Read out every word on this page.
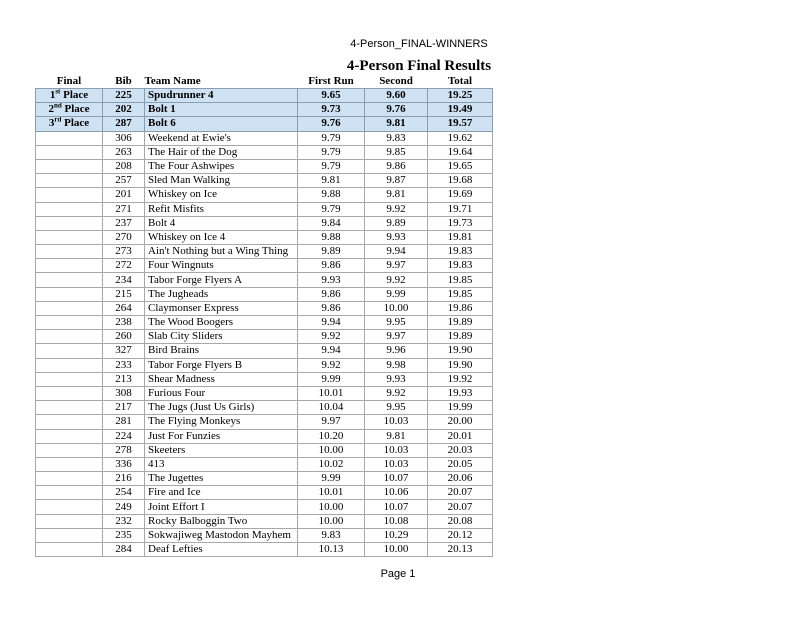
4-Person_FINAL-WINNERS
4-Person Final Results
Final	Bib	Team Name	First Run	Second	Total
1st Place	225	Spudrunner 4	9.65	9.60	19.25
2nd Place	202	Bolt 1	9.73	9.76	19.49
3rd Place	287	Bolt 6	9.76	9.81	19.57
	306	Weekend at Ewie's	9.79	9.83	19.62
	263	The Hair of the Dog	9.79	9.85	19.64
	208	The Four Ashwipes	9.79	9.86	19.65
	257	Sled Man Walking	9.81	9.87	19.68
	201	Whiskey on Ice	9.88	9.81	19.69
	271	Refit Misfits	9.79	9.92	19.71
	237	Bolt 4	9.84	9.89	19.73
	270	Whiskey on Ice 4	9.88	9.93	19.81
	273	Ain't Nothing but a Wing Thing	9.89	9.94	19.83
	272	Four Wingnuts	9.86	9.97	19.83
	234	Tabor Forge Flyers A	9.93	9.92	19.85
	215	The Jugheads	9.86	9.99	19.85
	264	Claymonser Express	9.86	10.00	19.86
	238	The Wood Boogers	9.94	9.95	19.89
	260	Slab City Sliders	9.92	9.97	19.89
	327	Bird Brains	9.94	9.96	19.90
	233	Tabor Forge Flyers B	9.92	9.98	19.90
	213	Shear Madness	9.99	9.93	19.92
	308	Furious Four	10.01	9.92	19.93
	217	The Jugs (Just Us Girls)	10.04	9.95	19.99
	281	The Flying Monkeys	9.97	10.03	20.00
	224	Just For Funzies	10.20	9.81	20.01
	278	Skeeters	10.00	10.03	20.03
	336	413	10.02	10.03	20.05
	216	The Jugettes	9.99	10.07	20.06
	254	Fire and Ice	10.01	10.06	20.07
	249	Joint Effort I	10.00	10.07	20.07
	232	Rocky Balboggin Two	10.00	10.08	20.08
	235	Sokwajiweg Mastodon Mayhem	9.83	10.29	20.12
	284	Deaf Lefties	10.13	10.00	20.13
Page 1
